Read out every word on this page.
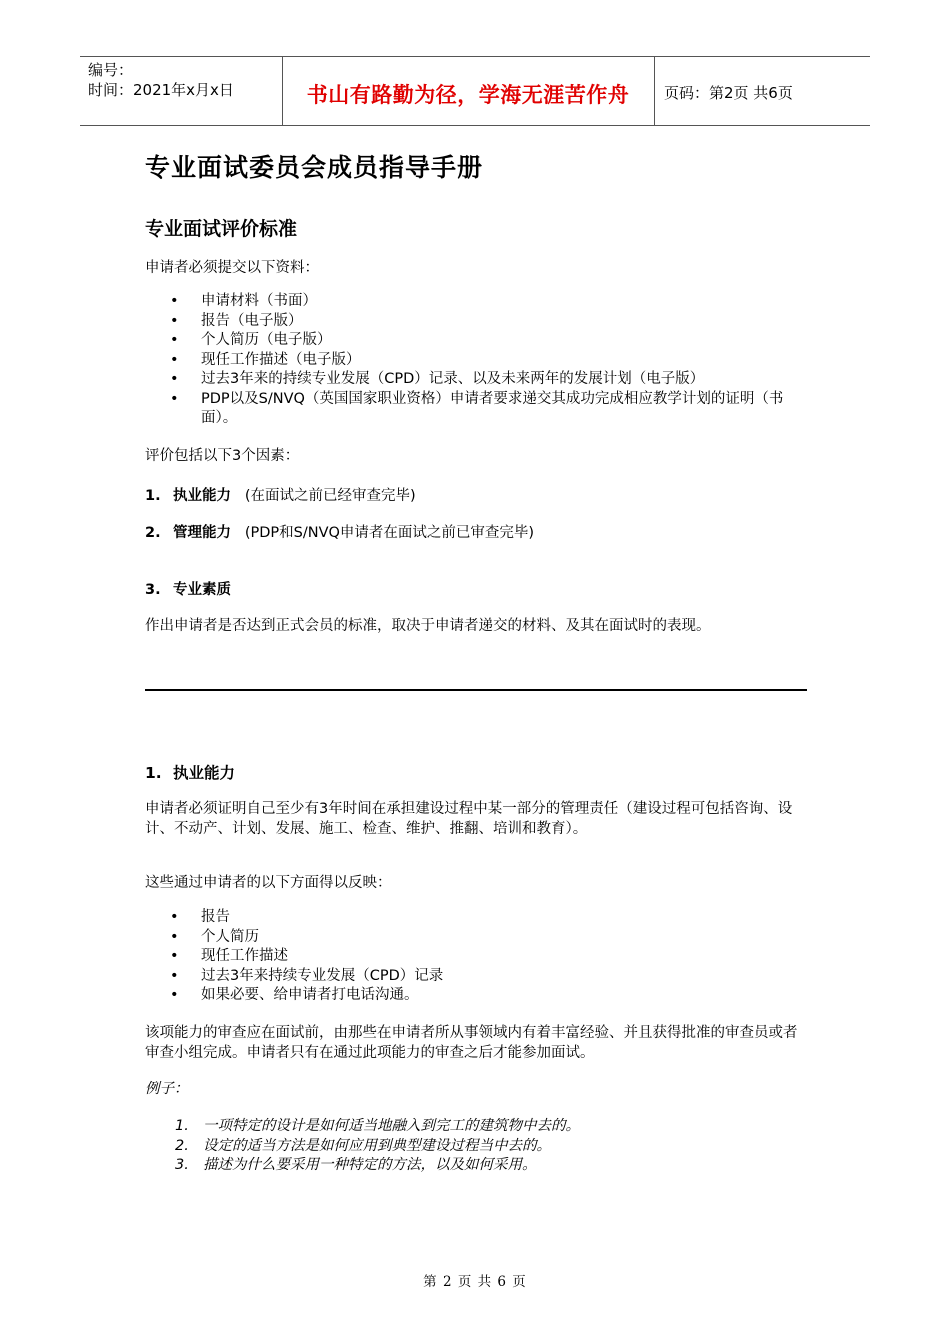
编号：
时间：2021年x月x日	书山有路勤为径，学海无涯苦作舟	页码：第2页 共6页
专业面试委员会成员指导手册
专业面试评价标准
申请者必须提交以下资料：
• 申请材料（书面）
• 报告（电子版）
• 个人简历（电子版）
• 现任工作描述（电子版）
• 过去3年来的持续专业发展（CPD）记录、以及未来两年的发展计划（电子版）
• PDP以及S/NVQ（英国国家职业资格）申请者要求递交其成功完成相应教学计划的证明（书面）。
评价包括以下3个因素：
1. 执业能力 (在面试之前已经审查完毕)
2. 管理能力 (PDP和S/NVQ申请者在面试之前已审查完毕)
3. 专业素质
作出申请者是否达到正式会员的标准，取决于申请者递交的材料、及其在面试时的表现。
1. 执业能力
申请者必须证明自己至少有3年时间在承担建设过程中某一部分的管理责任（建设过程可包括咨询、设计、不动产、计划、发展、施工、检查、维护、推翻、培训和教育）。
这些通过申请者的以下方面得以反映：
• 报告
• 个人简历
• 现任工作描述
• 过去3年来持续专业发展（CPD）记录
• 如果必要、给申请者打电话沟通。
该项能力的审查应在面试前，由那些在申请者所从事领域内有着丰富经验、并且获得批准的审查员或者审查小组完成。申请者只有在通过此项能力的审查之后才能参加面试。
例子：
1. 一项特定的设计是如何适当地融入到完工的建筑物中去的。
2. 设定的适当方法是如何应用到典型建设过程当中去的。
3. 描述为什么要采用一种特定的方法，以及如何采用。
第 2 页 共 6 页
